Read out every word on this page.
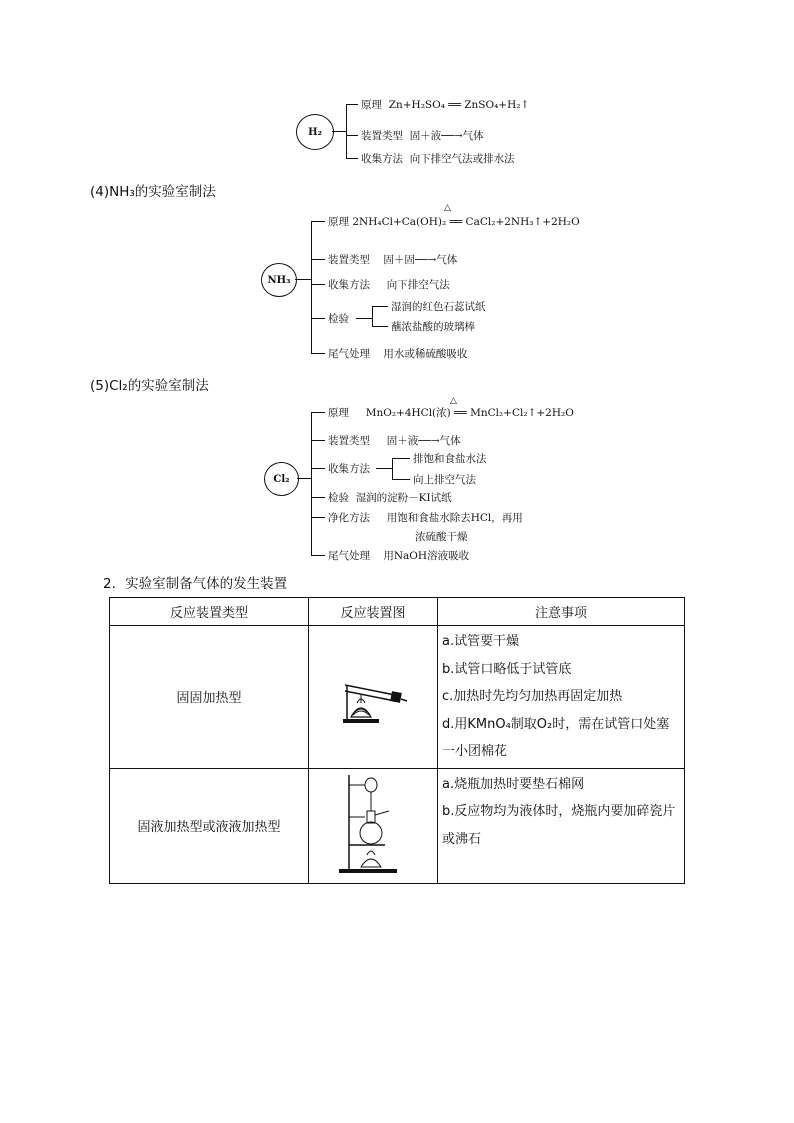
H₂
原理 Zn+H₂SO₄ ══ ZnSO₄+H₂↑
装置类型 固＋液──→气体
收集方法 向下排空气法或排水法
(4)NH₃的实验室制法
NH₃
原理 2NH₄Cl+Ca(OH)₂ ══ CaCl₂+2NH₃↑+2H₂O
△
装置类型 固＋固──→气体
收集方法 向下排空气法
检验
湿润的红色石蕊试纸
蘸浓盐酸的玻璃棒
尾气处理 用水或稀硫酸吸收
(5)Cl₂的实验室制法
Cl₂
原理 MnO₂+4HCl(浓) ══ MnCl₂+Cl₂↑+2H₂O
△
装置类型 固＋液──→气体
收集方法
排饱和食盐水法
向上排空气法
检验 湿润的淀粉－KI试纸
净化方法 用饱和食盐水除去HCl，再用
浓硫酸干燥
尾气处理 用NaOH溶液吸收
2．实验室制备气体的发生装置
反应装置类型	反应装置图	注意事项
固固加热型		a.试管要干燥
b.试管口略低于试管底
c.加热时先均匀加热再固定加热
d.用KMnO₄制取O₂时，需在试管口处塞一小团棉花

固液加热型或液液加热型		a.烧瓶加热时要垫石棉网
b.反应物均为液体时，烧瓶内要加碎瓷片或沸石
